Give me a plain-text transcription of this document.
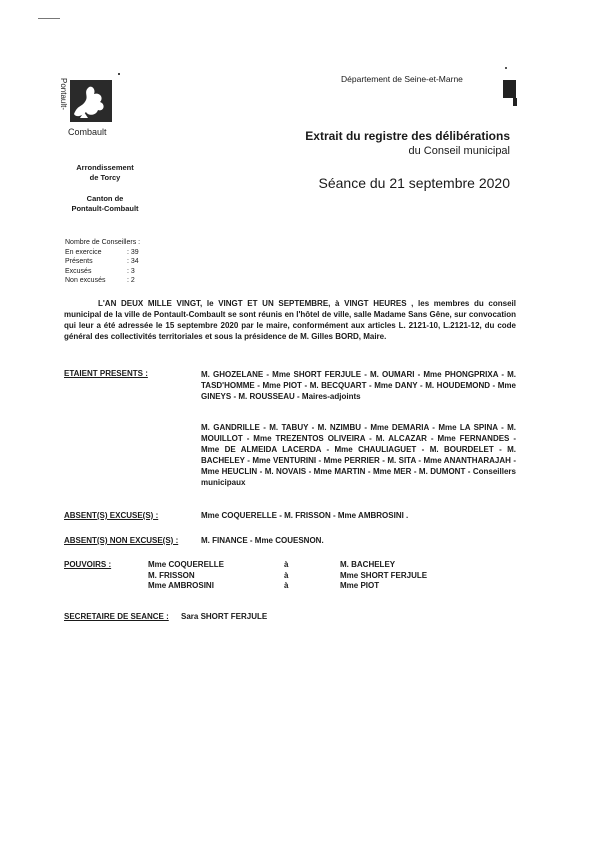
Pontault-
Combault
Département de Seine-et-Marne
Extrait du registre des délibérations
du Conseil municipal
Séance du 21 septembre 2020
Arrondissement
de Torcy
Canton de
Pontault-Combault
Nombre de Conseillers :
En exercice	: 39
Présents	: 34
Excusés	: 3
Non excusés	: 2
L'AN DEUX MILLE VINGT, le VINGT ET UN SEPTEMBRE, à VINGT HEURES , les membres du conseil municipal de la ville de Pontault-Combault se sont réunis en l'hôtel de ville, salle Madame Sans Gêne, sur convocation qui leur a été adressée le 15 septembre 2020 par le maire, conformément aux articles L. 2121-10, L.2121-12, du code général des collectivités territoriales et sous la présidence de M. Gilles BORD, Maire.
ETAIENT PRESENTS :	M. GHOZELANE - Mme SHORT FERJULE - M. OUMARI - Mme PHONGPRIXA - M. TASD'HOMME - Mme PIOT - M. BECQUART - Mme DANY - M. HOUDEMOND - Mme GINEYS - M. ROUSSEAU - Maires-adjoints
M. GANDRILLE - M. TABUY - M. NZIMBU - Mme DEMARIA - Mme LA SPINA - M. MOUILLOT - Mme TREZENTOS OLIVEIRA - M. ALCAZAR - Mme FERNANDES - Mme DE ALMEIDA LACERDA - Mme CHAULIAGUET - M. BOURDELET - M. BACHELEY - Mme VENTURINI - Mme PERRIER - M. SITA - Mme ANANTHARAJAH - Mme HEUCLIN - M. NOVAIS - Mme MARTIN - Mme MER - M. DUMONT - Conseillers municipaux
ABSENT(S) EXCUSE(S) :	Mme COQUERELLE - M. FRISSON - Mme AMBROSINI .
ABSENT(S) NON EXCUSE(S) :	M. FINANCE - Mme COUESNON.
POUVOIRS :	Mme COQUERELLE	à	M. BACHELEY
M. FRISSON	à	Mme SHORT FERJULE
Mme AMBROSINI	à	Mme PIOT
SECRETAIRE DE SEANCE : Sara SHORT FERJULE
